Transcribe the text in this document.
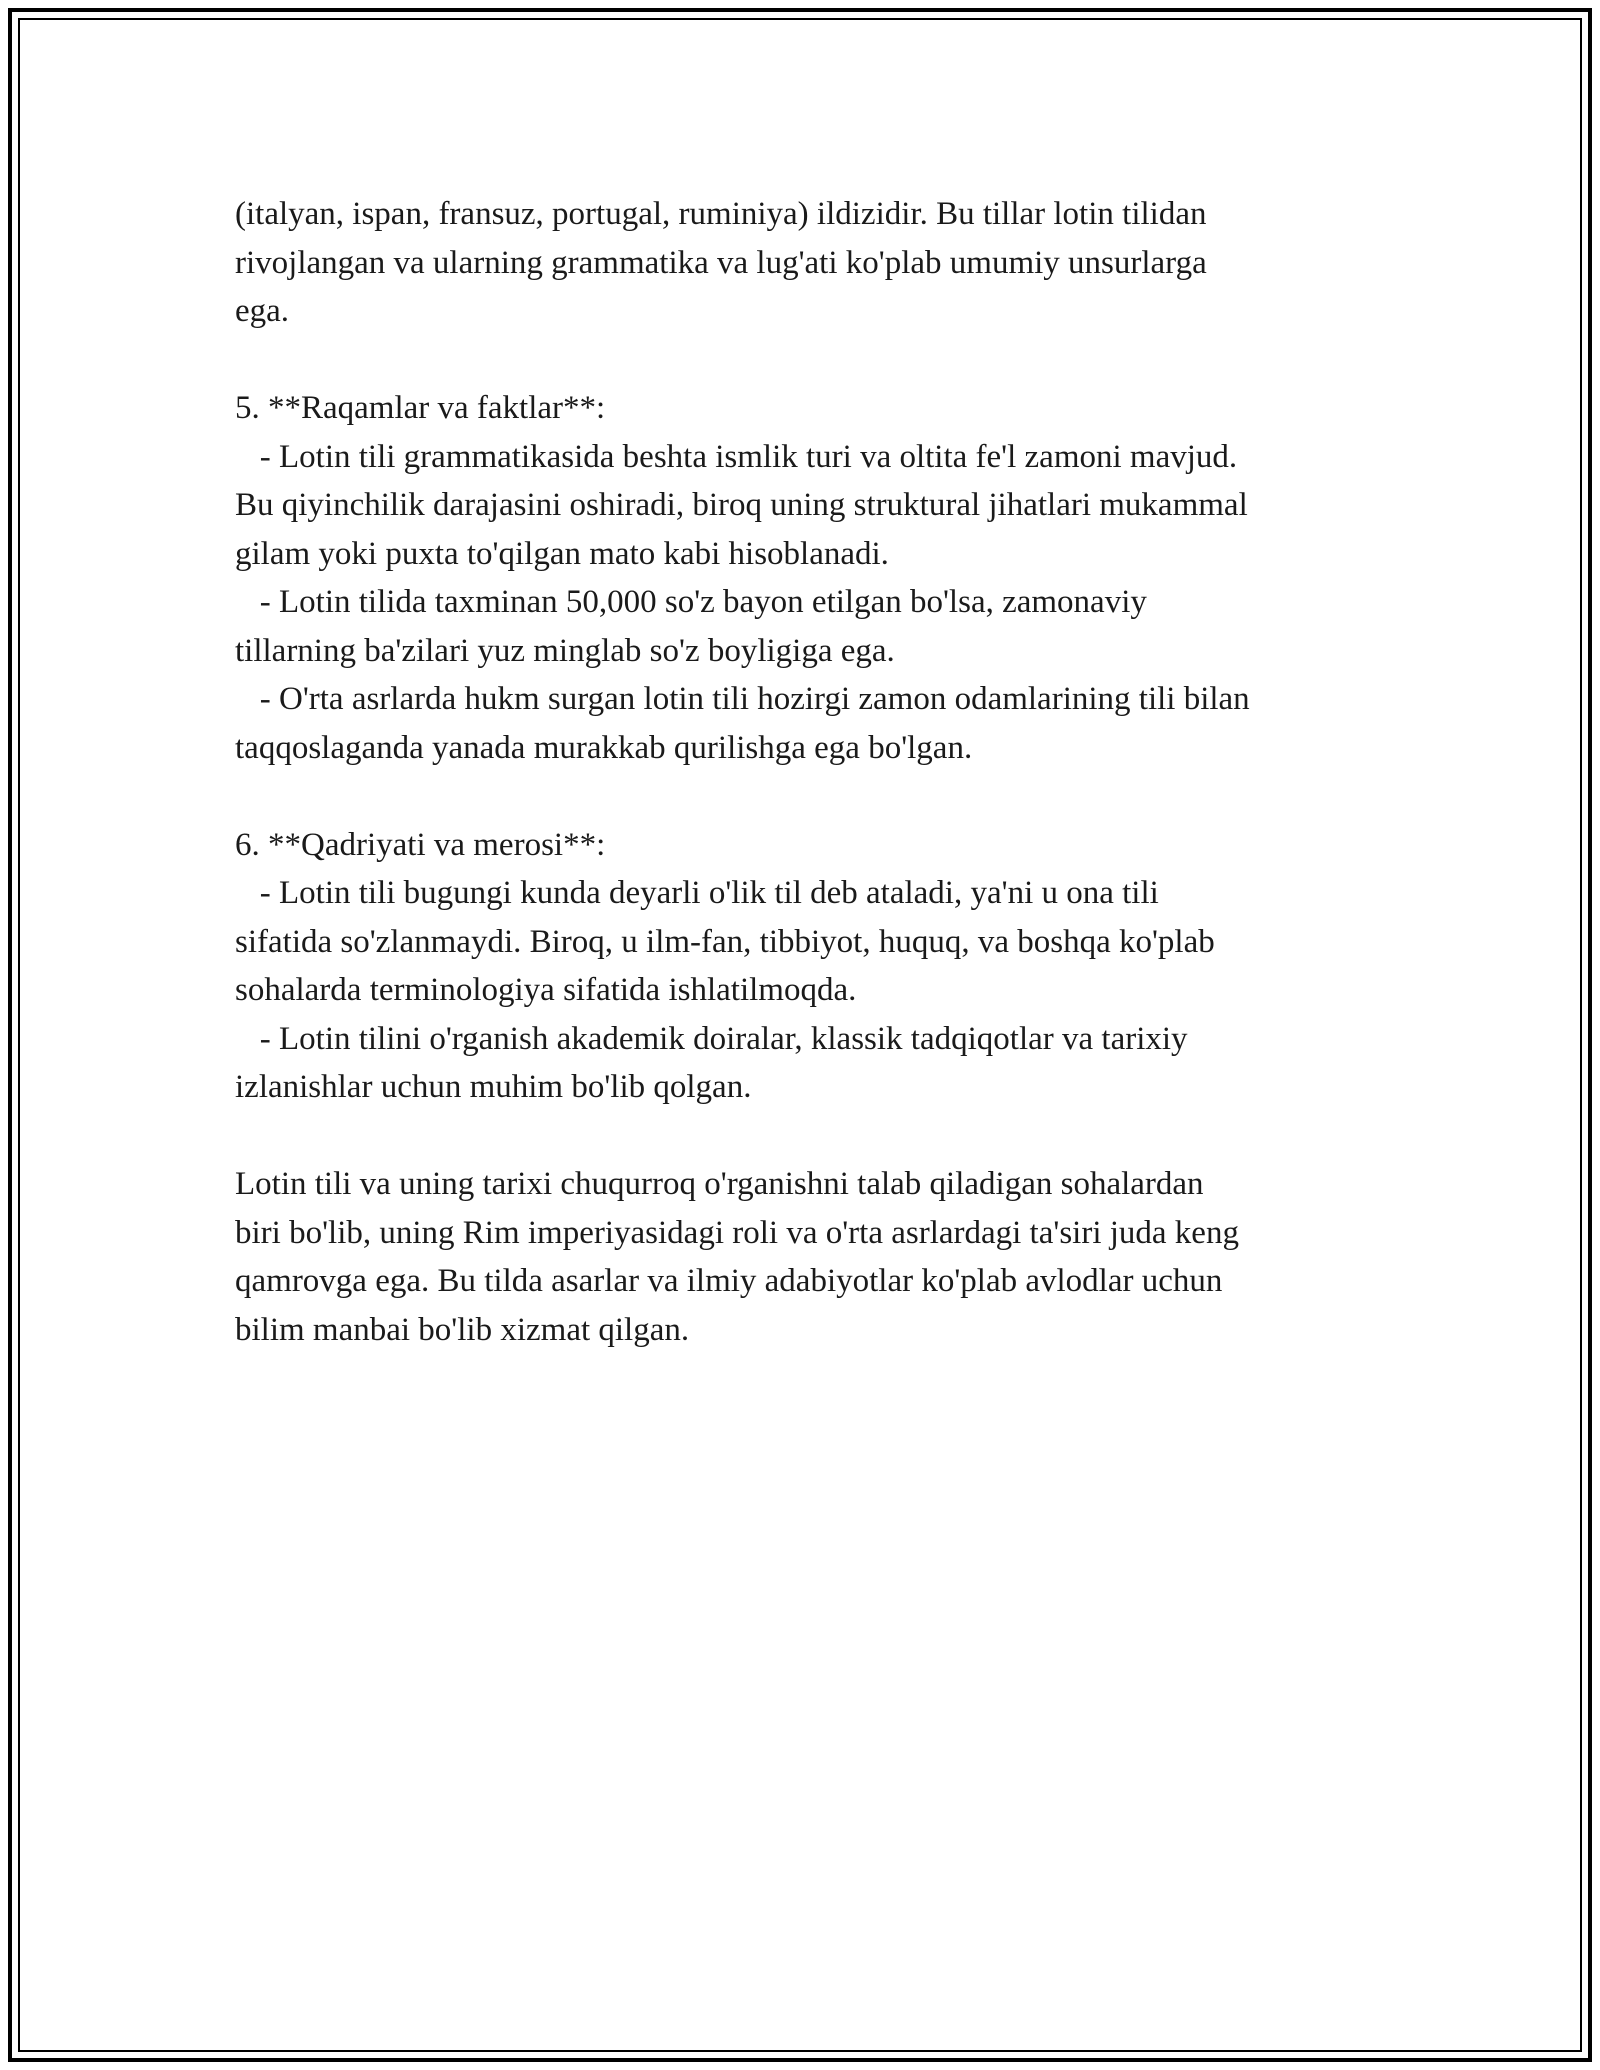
(italyan, ispan, fransuz, portugal, ruminiya) ildizidir. Bu tillar lotin tilidan
rivojlangan va ularning grammatika va lug'ati ko'plab umumiy unsurlarga
ega.
5. **Raqamlar va faktlar**:
- Lotin tili grammatikasida beshta ismlik turi va oltita fe'l zamoni mavjud.
Bu qiyinchilik darajasini oshiradi, biroq uning struktural jihatlari mukammal
gilam yoki puxta to'qilgan mato kabi hisoblanadi.
- Lotin tilida taxminan 50,000 so'z bayon etilgan bo'lsa, zamonaviy
tillarning ba'zilari yuz minglab so'z boyligiga ega.
- O'rta asrlarda hukm surgan lotin tili hozirgi zamon odamlarining tili bilan
taqqoslaganda yanada murakkab qurilishga ega bo'lgan.
6. **Qadriyati va merosi**:
- Lotin tili bugungi kunda deyarli o'lik til deb ataladi, ya'ni u ona tili
sifatida so'zlanmaydi. Biroq, u ilm-fan, tibbiyot, huquq, va boshqa ko'plab
sohalarda terminologiya sifatida ishlatilmoqda.
- Lotin tilini o'rganish akademik doiralar, klassik tadqiqotlar va tarixiy
izlanishlar uchun muhim bo'lib qolgan.
Lotin tili va uning tarixi chuqurroq o'rganishni talab qiladigan sohalardan
biri bo'lib, uning Rim imperiyasidagi roli va o'rta asrlardagi ta'siri juda keng
qamrovga ega. Bu tilda asarlar va ilmiy adabiyotlar ko'plab avlodlar uchun
bilim manbai bo'lib xizmat qilgan.
